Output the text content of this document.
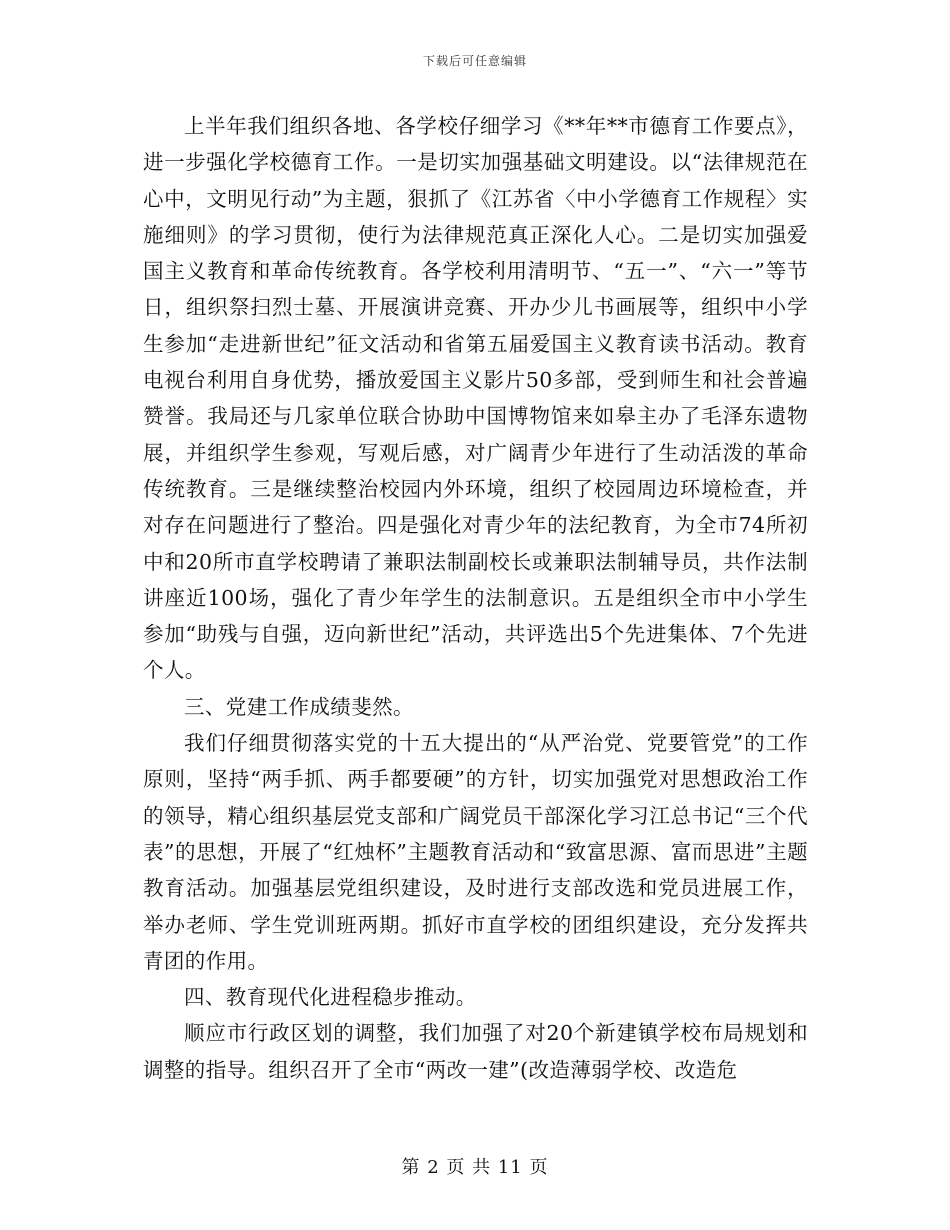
下载后可任意编辑

上半年我们组织各地、各学校仔细学习《**年**市德育工作要点》，进一步强化学校德育工作。一是切实加强基础文明建设。以“法律规范在心中，文明见行动”为主题，狠抓了《江苏省〈中小学德育工作规程〉实施细则》的学习贯彻，使行为法律规范真正深化人心。二是切实加强爱国主义教育和革命传统教育。各学校利用清明节、“五一”、“六一”等节日，组织祭扫烈士墓、开展演讲竞赛、开办少儿书画展等，组织中小学生参加“走进新世纪”征文活动和省第五届爱国主义教育读书活动。教育电视台利用自身优势，播放爱国主义影片50多部，受到师生和社会普遍赞誉。我局还与几家单位联合协助中国博物馆来如皋主办了毛泽东遗物展，并组织学生参观，写观后感，对广阔青少年进行了生动活泼的革命传统教育。三是继续整治校园内外环境，组织了校园周边环境检查，并对存在问题进行了整治。四是强化对青少年的法纪教育，为全市74所初中和20所市直学校聘请了兼职法制副校长或兼职法制辅导员，共作法制讲座近100场，强化了青少年学生的法制意识。五是组织全市中小学生参加“助残与自强，迈向新世纪”活动，共评选出5个先进集体、7个先进个人。

三、党建工作成绩斐然。

我们仔细贯彻落实党的十五大提出的“从严治党、党要管党”的工作原则，坚持“两手抓、两手都要硬”的方针，切实加强党对思想政治工作的领导，精心组织基层党支部和广阔党员干部深化学习江总书记“三个代表”的思想，开展了“红烛杯”主题教育活动和“致富思源、富而思进”主题教育活动。加强基层党组织建设，及时进行支部改选和党员进展工作，举办老师、学生党训班两期。抓好市直学校的团组织建设，充分发挥共青团的作用。

四、教育现代化进程稳步推动。

顺应市行政区划的调整，我们加强了对20个新建镇学校布局规划和调整的指导。组织召开了全市“两改一建”(改造薄弱学校、改造危

第 2 页 共 11 页
